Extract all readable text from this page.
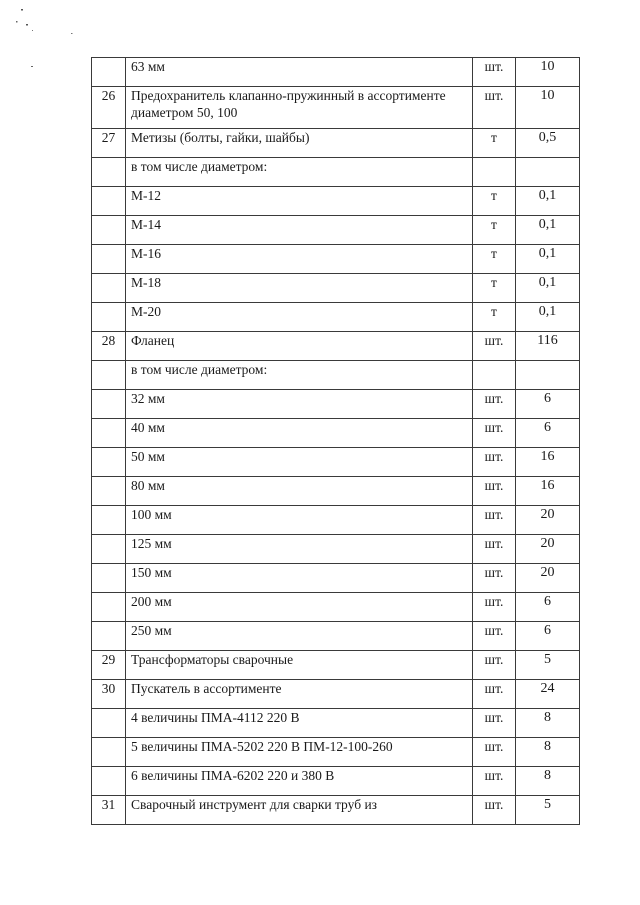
	63 мм	шт.	10
26	Предохранитель клапанно-пружинный в ассортименте диаметром 50, 100	шт.	10
27	Метизы (болты, гайки, шайбы)	т	0,5
	в том числе диаметром:		
	М-12	т	0,1
	М-14	т	0,1
	М-16	т	0,1
	М-18	т	0,1
	М-20	т	0,1
28	Фланец	шт.	116
	в том числе диаметром:		
	32 мм	шт.	6
	40 мм	шт.	6
	50 мм	шт.	16
	80 мм	шт.	16
	100 мм	шт.	20
	125 мм	шт.	20
	150 мм	шт.	20
	200 мм	шт.	6
	250 мм	шт.	6
29	Трансформаторы сварочные	шт.	5
30	Пускатель в ассортименте	шт.	24
	4 величины ПМА-4112 220 В	шт.	8
	5 величины ПМА-5202 220 В ПМ-12-100-260	шт.	8
	6 величины ПМА-6202 220 и 380 В	шт.	8
31	Сварочный инструмент для сварки труб из	шт.	5
